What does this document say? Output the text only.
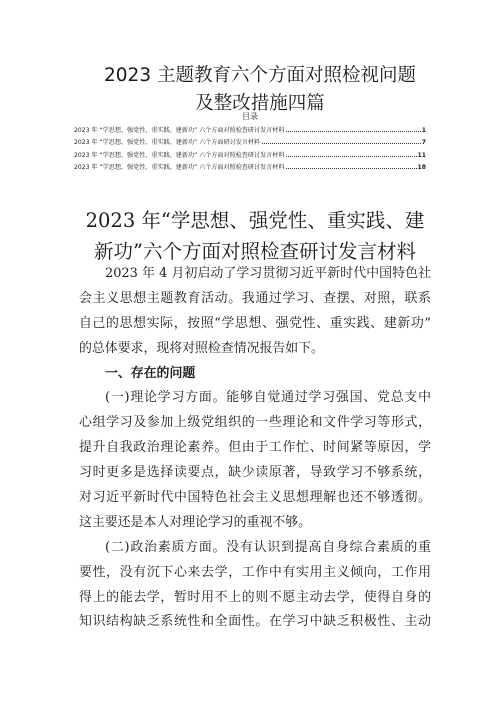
2023 主题教育六个方面对照检视问题
及整改措施四篇
目录
2023 年 “学思想、强党性、重实践、建新功” 六个方面对照检查研讨发言材料	1
2023 年 “学思想、强党性、重实践、建新功” 六个方面研讨发言材料	7
2023 年 “学思想、强党性、重实践、建新功” 六个方面对照检查研讨发言材料	11
2023 年 “学思想、强党性、重实践、建新功” 六个方面对照检查研讨发言材料	18
2023 年“学思想、强党性、重实践、建
新功”六个方面对照检查研讨发言材料
2023 年 4 月初启动了学习贯彻习近平新时代中国特色社
会主义思想主题教育活动。我通过学习、查摆、对照，联系
自己的思想实际，按照“学思想、强党性、重实践、建新功”
的总体要求，现将对照检查情况报告如下。
一、存在的问题
(一)理论学习方面。能够自觉通过学习强国、党总支中
心组学习及参加上级党组织的一些理论和文件学习等形式，
提升自我政治理论素养。但由于工作忙、时间紧等原因，学
习时更多是选择读要点，缺少读原著，导致学习不够系统，
对习近平新时代中国特色社会主义思想理解也还不够透彻。
这主要还是本人对理论学习的重视不够。
(二)政治素质方面。没有认识到提高自身综合素质的重
要性，没有沉下心来去学，工作中有实用主义倾向，工作用
得上的能去学，暂时用不上的则不愿主动去学，使得自身的
知识结构缺乏系统性和全面性。在学习中缺乏积极性、主动
